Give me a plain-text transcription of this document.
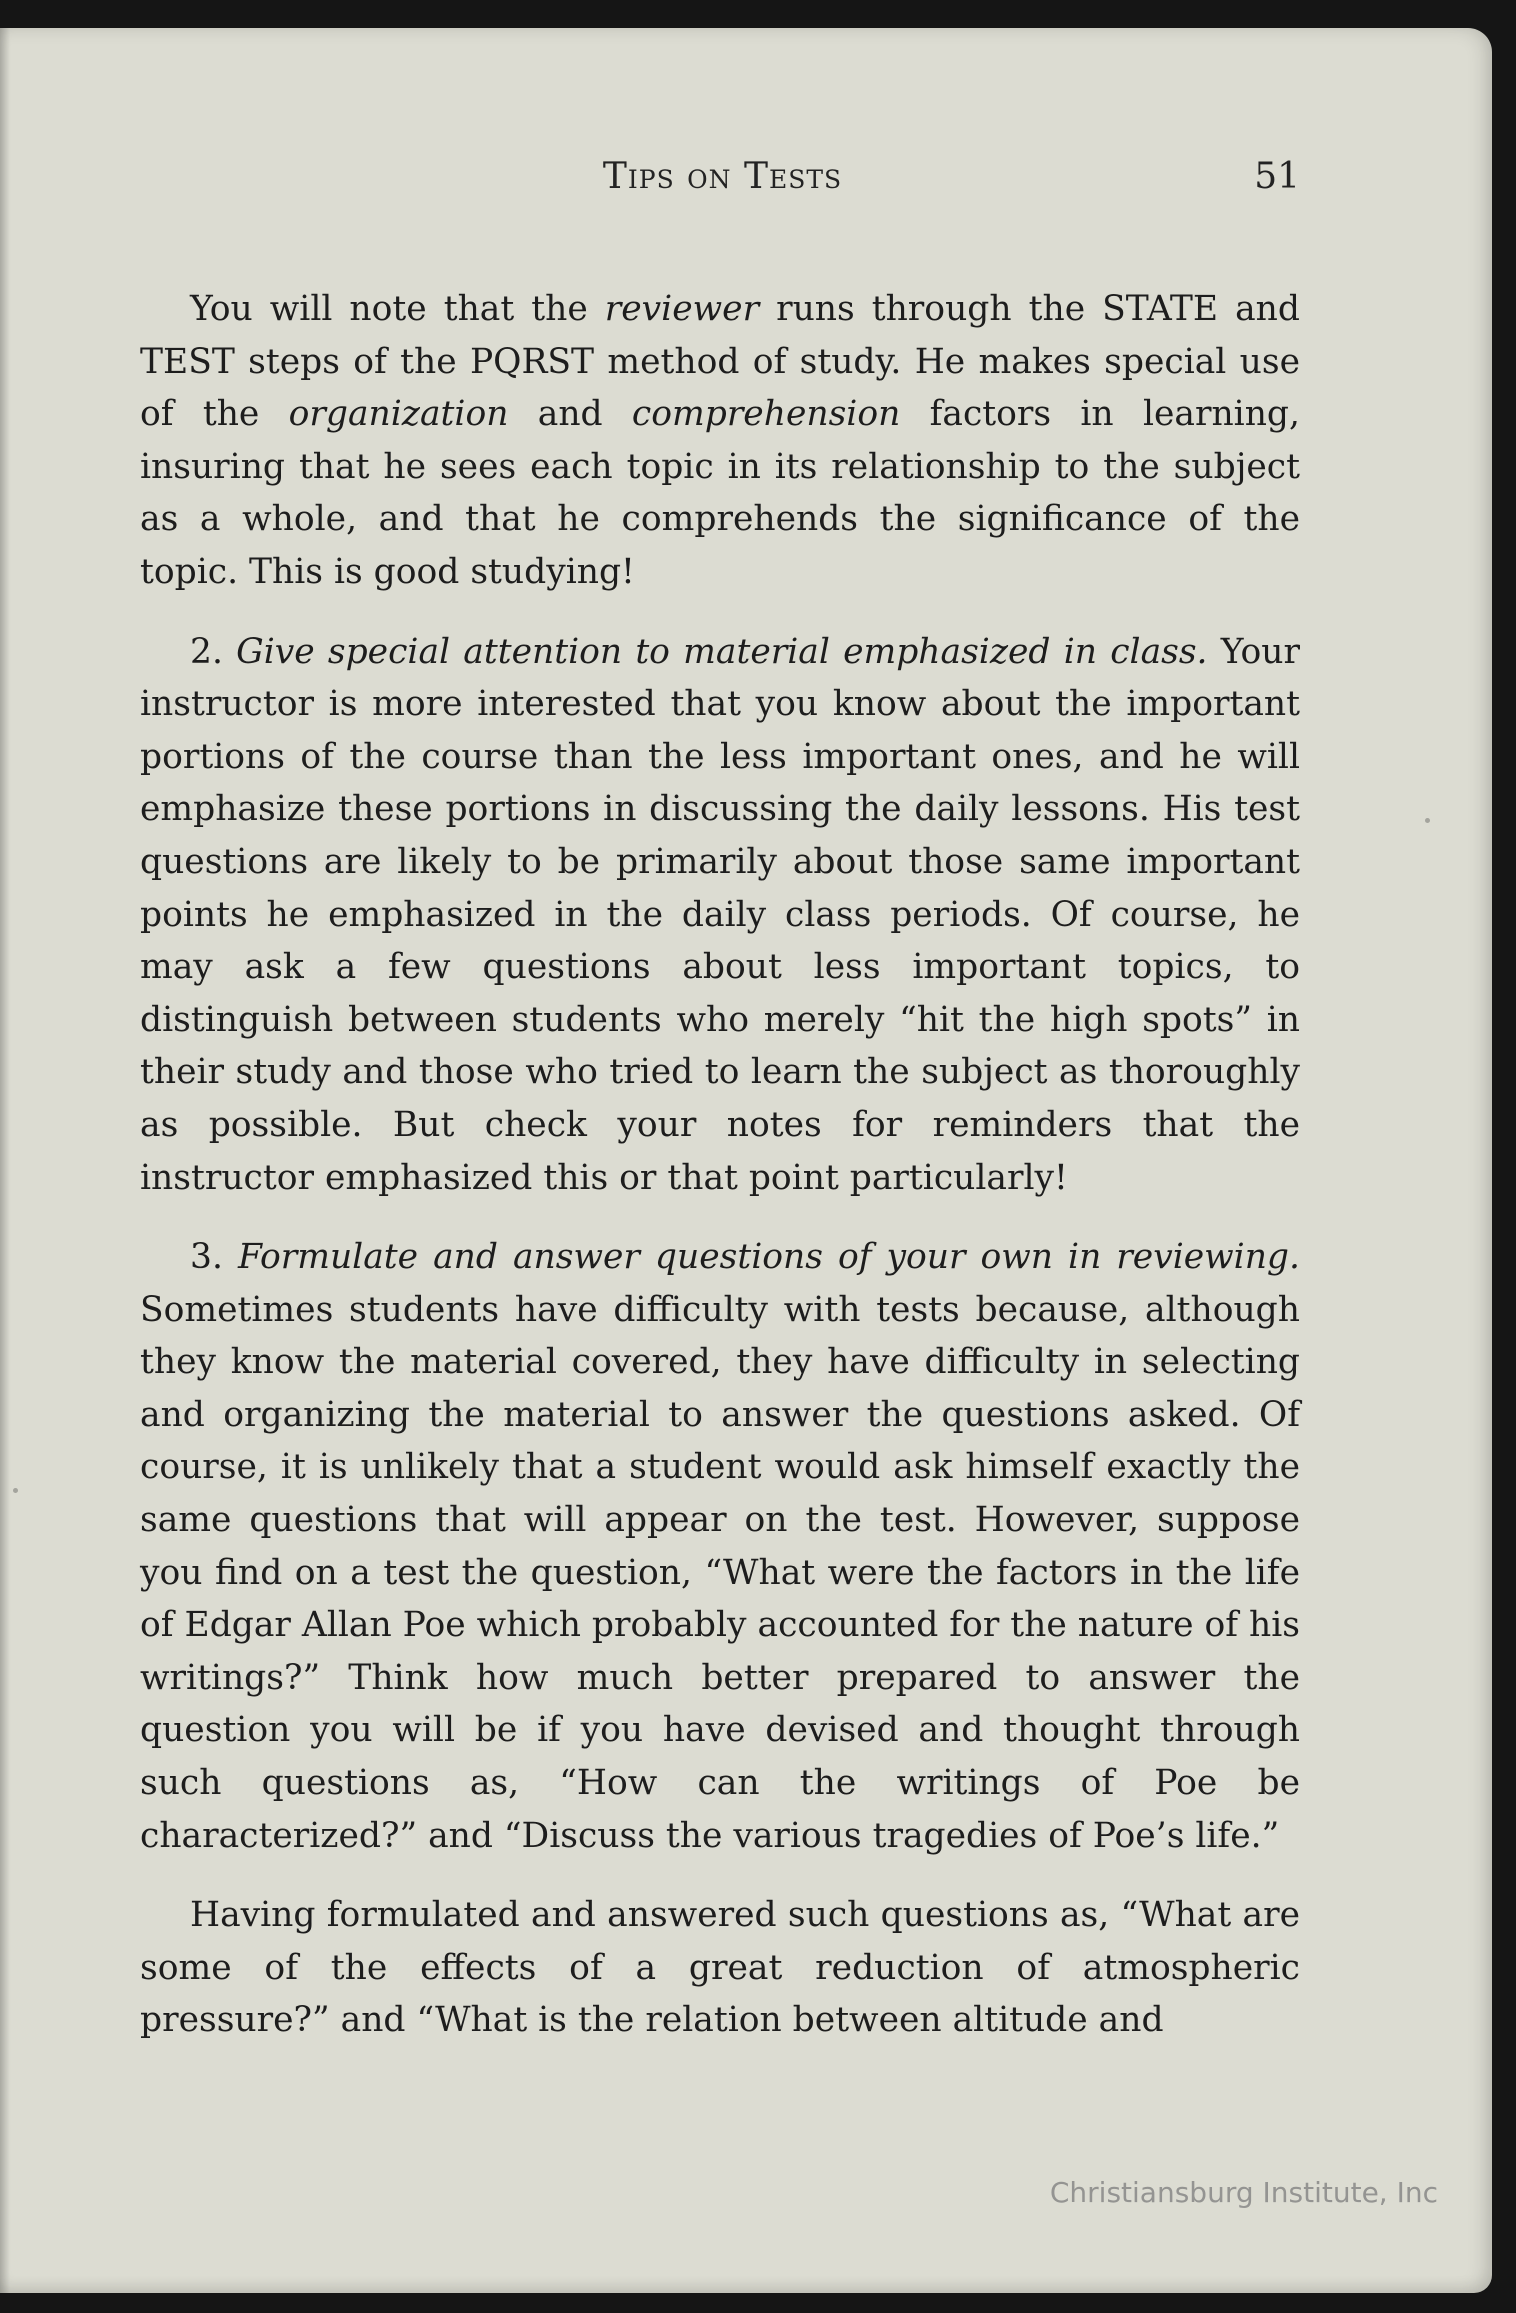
Tips on Tests	51

You will note that the reviewer runs through the STATE and TEST steps of the PQRST method of study. He makes special use of the organization and comprehension factors in learning, insuring that he sees each topic in its relationship to the subject as a whole, and that he comprehends the significance of the topic. This is good studying!

2. Give special attention to material emphasized in class. Your instructor is more interested that you know about the important portions of the course than the less important ones, and he will emphasize these portions in discussing the daily lessons. His test questions are likely to be primarily about those same important points he emphasized in the daily class periods. Of course, he may ask a few questions about less important topics, to distinguish between students who merely “hit the high spots” in their study and those who tried to learn the subject as thoroughly as possible. But check your notes for reminders that the instructor emphasized this or that point particularly!

3. Formulate and answer questions of your own in reviewing. Sometimes students have difficulty with tests because, although they know the material covered, they have difficulty in selecting and organizing the material to answer the questions asked. Of course, it is unlikely that a student would ask himself exactly the same questions that will appear on the test. However, suppose you find on a test the question, “What were the factors in the life of Edgar Allan Poe which probably accounted for the nature of his writings?” Think how much better prepared to answer the question you will be if you have devised and thought through such questions as, “How can the writings of Poe be characterized?” and “Discuss the various tragedies of Poe’s life.”

Having formulated and answered such questions as, “What are some of the effects of a great reduction of atmospheric pressure?” and “What is the relation between altitude and

Christiansburg Institute, Inc
